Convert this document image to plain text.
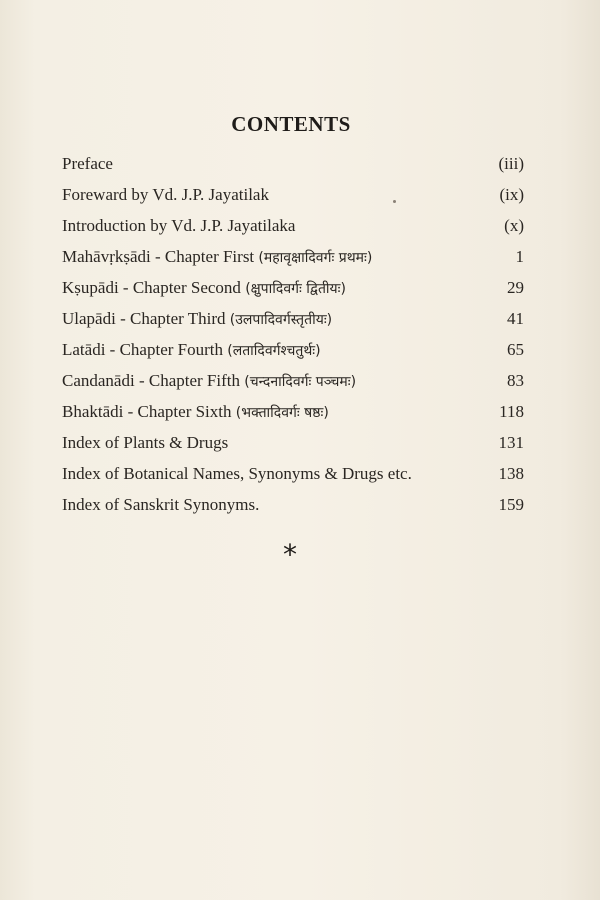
CONTENTS
Preface	(iii)
Foreward by Vd. J.P. Jayatilak	(ix)
Introduction by Vd. J.P. Jayatilaka	(x)
Mahāvṛkṣādi - Chapter First (महावृक्षादिवर्गः प्रथमः)	1
Kṣupādi - Chapter Second (क्षुपादिवर्गः द्वितीयः)	29
Ulapādi - Chapter Third (उलपादिवर्गस्तृतीयः)	41
Latādi - Chapter Fourth (लतादिवर्गश्चतुर्थः)	65
Candanādi - Chapter Fifth (चन्दनादिवर्गः पञ्चमः)	83
Bhaktādi - Chapter Sixth (भक्तादिवर्गः षष्ठः)	118
Index of Plants & Drugs	131
Index of Botanical Names, Synonyms & Drugs etc.	138
Index of Sanskrit Synonyms.	159
*
